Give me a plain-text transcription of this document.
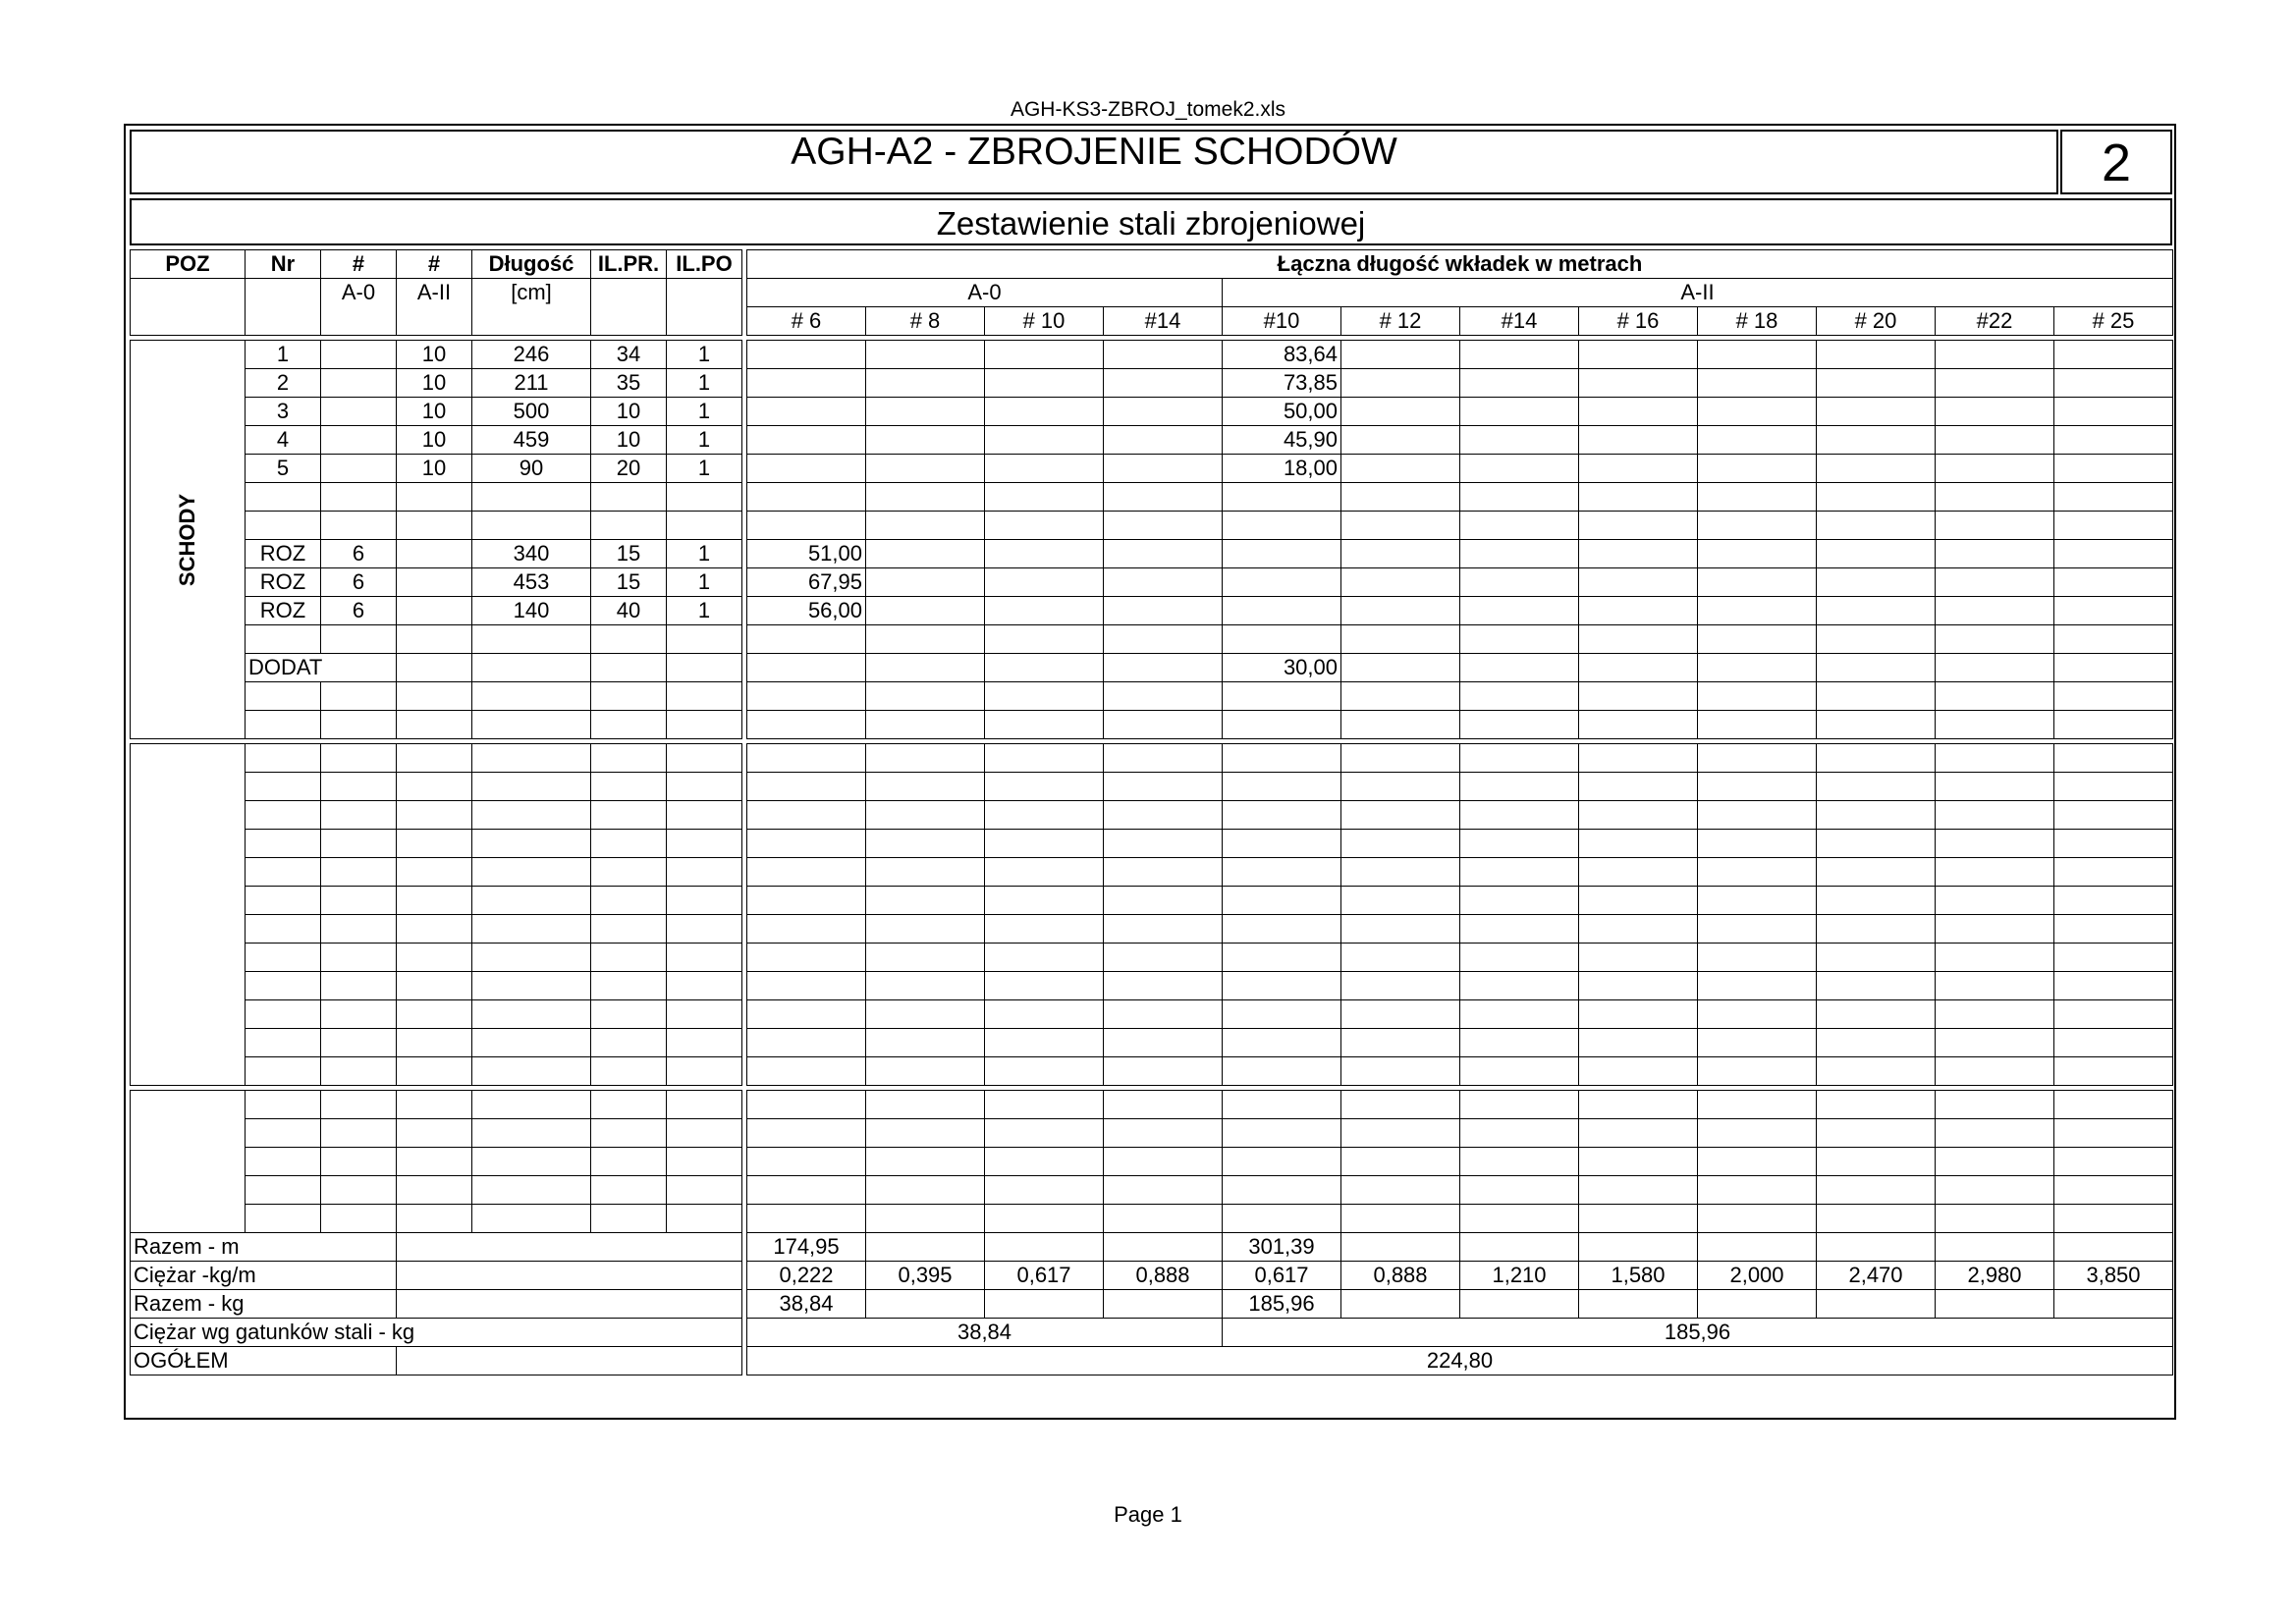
AGH-KS3-ZBROJ_tomek2.xls
AGH-A2 - ZBROJENIE SCHODÓW	2
Zestawienie stali zbrojeniowej
POZ	Nr	#	#	Długość	IL.PR.	IL.PO		Łączna długość wkładek w metrach											
		A-0	A-II	[cm]				A-0				A-II							
								# 6	# 8	# 10	#14	#10	# 12	#14	# 16	# 18	# 20	#22	# 25

SCHODY	1		10	246	34	1						83,64							
	2		10	211	35	1						73,85							
	3		10	500	10	1						50,00							
	4		10	459	10	1						45,90							
	5		10	90	20	1						18,00							

	ROZ	6		340	15	1		51,00											
	ROZ	6		453	15	1		67,95											
	ROZ	6		140	40	1		56,00											

	DODAT											30,00							

Razem - m								174,95				301,39							
Ciężar -kg/m								0,222	0,395	0,617	0,888	0,617	0,888	1,210	1,580	2,000	2,470	2,980	3,850
Razem - kg								38,84				185,96							
Ciężar wg gatunków stali - kg								38,84				185,96							
OGÓŁEM								224,80											
Page 1
